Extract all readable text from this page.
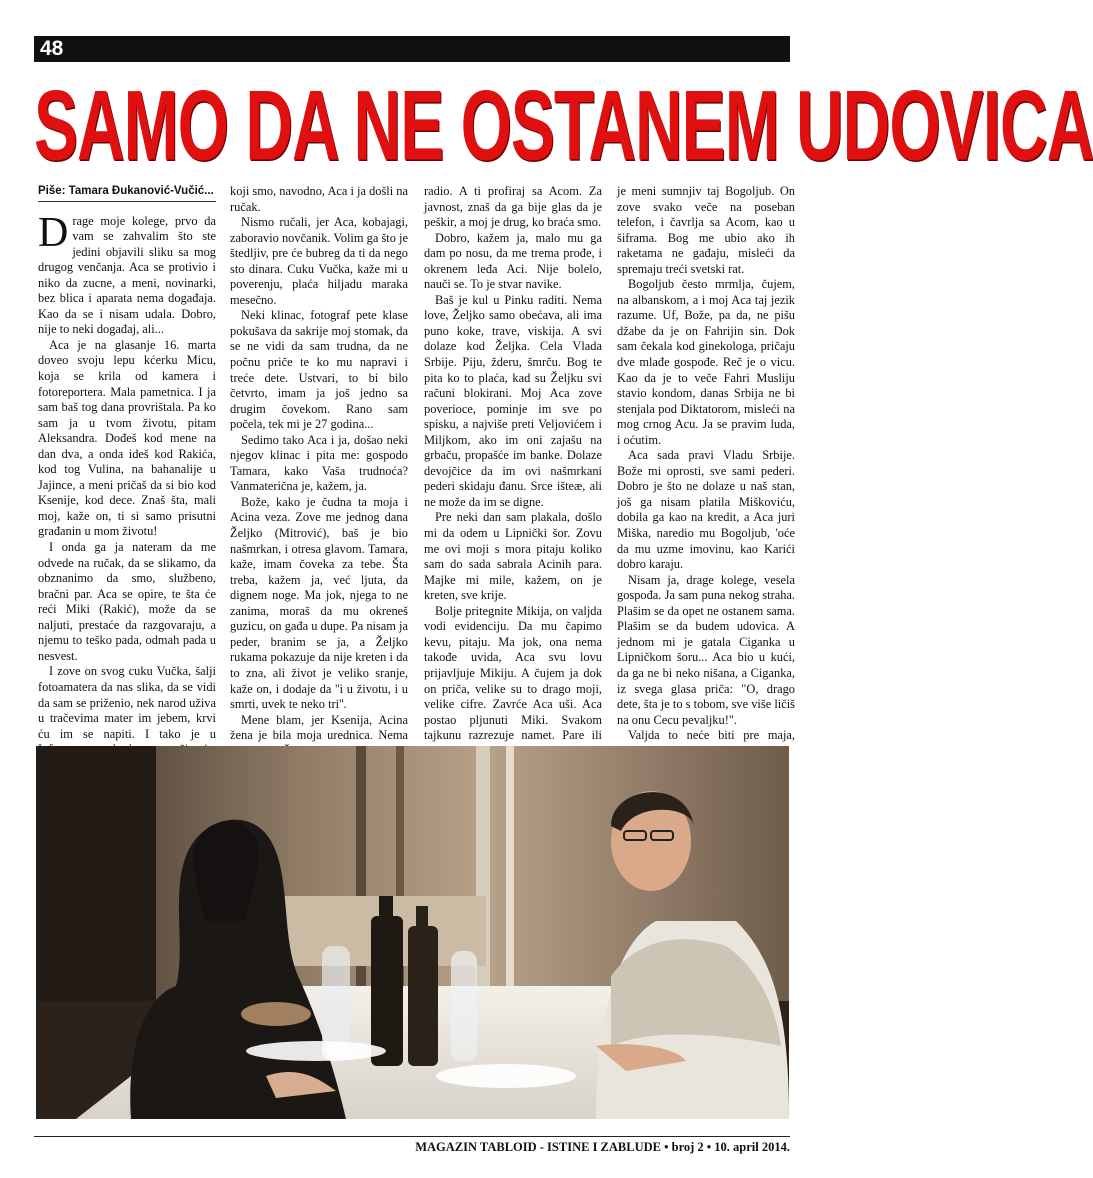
48
SAMO DA NE OSTANEM UDOVICA
Piše: Tamara Đukanović-Vučić...

Drage moje kolege, prvo da vam se zahvalim što ste jedini objavili sliku sa mog drugog venčanja. Aca se protivio i niko da zucne, a meni, novinarki, bez blica i aparata nema događaja. Kao da se i nisam udala. Dobro, nije to neki događaj, ali...

Aca je na glasanje 16. marta doveo svoju lepu kćerku Micu, koja se krila od kamera i fotoreportera. Mala pametnica. I ja sam baš tog dana provrištala. Pa ko sam ja u tvom životu, pitam Aleksandra. Dođeš kod mene na dan dva, a onda ideš kod Rakića, kod tog Vulina, na bahanalije u Jajince, a meni pričaš da si bio kod Ksenije, kod dece. Znaš šta, mali moj, kaže on, ti si samo prisutni građanin u mom životu!

I onda ga ja nateram da me odvede na ručak, da se slikamo, da obznanimo da smo, službeno, bračni par. Aca se opire, te šta će reći Miki (Rakić), može da se naljuti, prestaće da razgovaraju, a njemu to teško pada, odmah pada u nesvest.

I zove on svog cuku Vučka, šalji fotoamatera da nas slika, da se vidi da sam se priženio, nek narod uživa u tračevima mater im jebem, krvi ću im se napiti. I tako je u

koji smo, navodno, Aca i ja došli na ručak.

Nismo ručali, jer Aca, kobajagi, zaboravio novčanik. Volim ga što je štedljiv, pre će bubreg da ti da nego sto dinara. Cuku Vučka, kaže mi u poverenju, plaća hiljadu maraka mesečno.

Neki klinac, fotograf pete klase pokušava da sakrije moj stomak, da se ne vidi da sam trudna, da ne počnu priče te ko mu napravi i treće dete. Ustvari, to bi bilo četvrto, imam ja još jedno sa drugim čovekom. Rano sam počela, tek mi je 27 godina...

Sedimo tako Aca i ja, došao neki njegov klinac i pita me: gospodo Tamara, kako Vaša trudnoća? Vanmaterična je, kažem, ja.

Bože, kako je čudna ta moja i Acina veza. Zove me jednog dana Željko (Mitrović), baš je bio našmrkan, i otresa glavom. Tamara, kaže, imam čoveka za tebe. Šta treba, kažem ja, već ljuta, da dignem noge. Ma jok, njega to ne zanima, moraš da mu okreneš guzicu, on gađa u dupe. Pa nisam ja peder, branim se ja, a Željko rukama pokazuje da nije kreten i da to zna, ali život je veliko sranje, kaže on, i dodaje da ''i u životu, i u smrti, uvek te neko tri''.

Mene blam, jer Ksenija, Acina žena je bila moja urednica. Nema

radio. A ti profiraj sa Acom. Za javnost, znaš da ga bije glas da je peškir, a moj je drug, ko braća smo.

Dobro, kažem ja, malo mu ga dam po nosu, da me trema prođe, i okrenem leđa Aci. Nije bolelo, nauči se. To je stvar navike.

Baš je kul u Pinku raditi. Nema love, Željko samo obećava, ali ima puno koke, trave, viskija. A svi dolaze kod Željka. Cela Vlada Srbije. Piju, žderu, šmrču. Bog te pita ko to plaća, kad su Željku svi računi blokirani. Moj Aca zove poverioce, pominje im sve po spisku, a najviše preti Veljovićem i Miljkom, ako im oni zajašu na grbaču, propašće im banke. Dolaze devojčice da im ovi našmrkani pederi skidaju đanu. Srce išteæ, ali ne može da im se digne.

Pre neki dan sam plakala, došlo mi da odem u Lipnički šor. Zovu me ovi moji s mora pitaju koliko sam do sada sabrala Acinih para. Majke mi mile, kažem, on je kreten, sve krije.

Bolje pritegnite Mikija, on valjda vodi evidenciju. Da mu čapimo kevu, pitaju. Ma jok, ona nema takođe uvida, Aca svu lovu prijavljuje Mikiju. A čujem ja dok on priča, velike su to drago moji, velike cifre. Zavrće Aca uši. Aca postao pljunuti Miki. Svakom tajkunu razrezuje namet. Pare ili

je meni sumnjiv taj Bogoljub. On zove svako veče na poseban telefon, i čavrlja sa Acom, kao u šiframa. Bog me ubio ako ih raketama ne gađaju, misleći da spremaju treći svetski rat.

Bogoljub često mrmlja, čujem, na albanskom, a i moj Aca taj jezik razume. Uf, Bože, pa da, ne pišu džabe da je on Fahrijin sin. Dok sam čekala kod ginekologa, pričaju dve mlađe gospođe. Reč je o vicu. Kao da je to veče Fahri Musliju stavio kondom, danas Srbija ne bi stenjala pod Diktatorom, misleći na mog crnog Acu. Ja se pravim luda, i oćutim.

Aca sada pravi Vladu Srbije. Bože mi oprosti, sve sami pederi. Dobro je što ne dolaze u naš stan, još ga nisam platila Miškoviću, dobila ga kao na kredit, a Aca juri Miška, naredio mu Bogoljub, 'oće da mu uzme imovinu, kao Karići dobro karaju.

Nisam ja, drage kolege, vesela gospođa. Ja sam puna nekog straha. Plašim se da opet ne ostanem sama. Plašim se da budem udovica. A jednom mi je gatala Ciganka u Lipničkom šoru... Aca bio u kući, da ga ne bi neko nišana, a Ciganka, iz svega glasa priča: "O, drago dete, šta je to s tobom, sve više ličiš na onu Cecu pevaljku!".

Valjda to neće biti pre maja,

MAGAZIN TABLOID - ISTINE I ZABLUDE • broj 2 • 10. april 2014.
